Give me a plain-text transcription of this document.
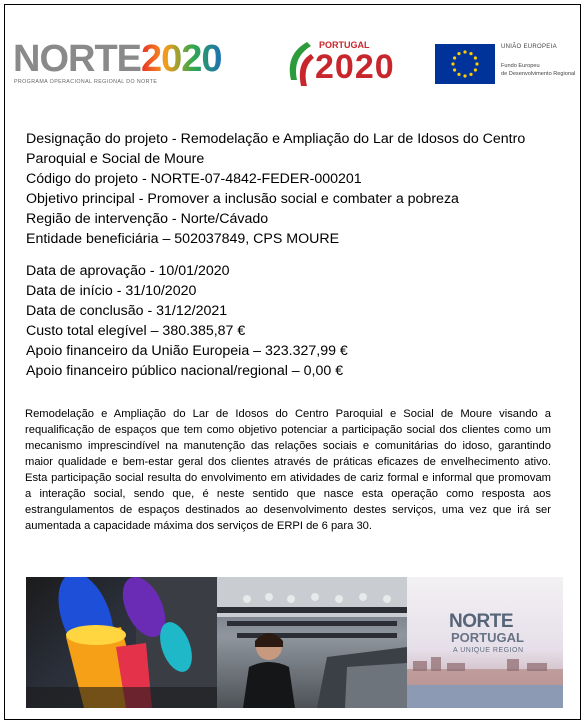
NORTE2020
PROGRAMA OPERACIONAL REGIONAL DO NORTE
PORTUGAL
2020
UNIÃO EUROPEIA
Fundo Europeu
de Desenvolvimento Regional
Designação do projeto - Remodelação e Ampliação do Lar de Idosos do Centro Paroquial e Social de Moure
Código do projeto - NORTE-07-4842-FEDER-000201
Objetivo principal - Promover a inclusão social e combater a pobreza
Região de intervenção - Norte/Cávado
Entidade beneficiária – 502037849, CPS MOURE
Data de aprovação - 10/01/2020
Data de início - 31/10/2020
Data de conclusão - 31/12/2021
Custo total elegível – 380.385,87 €
Apoio financeiro da União Europeia – 323.327,99 €
Apoio financeiro público nacional/regional – 0,00 €
Remodelação e Ampliação do Lar de Idosos do Centro Paroquial e Social de Moure visando a requalificação de espaços que tem como objetivo potenciar a participação social dos clientes como um mecanismo imprescindível na manutenção das relações sociais e comunitárias do idoso, garantindo maior qualidade e bem-estar geral dos clientes através de práticas eficazes de envelhecimento ativo. Esta participação social resulta do envolvimento em atividades de cariz formal e informal que promovam a interação social, sendo que, é neste sentido que nasce esta operação como resposta aos estrangulamentos de espaços destinados ao desenvolvimento destes serviços, uma vez que irá ser aumentada a capacidade máxima dos serviços de ERPI de 6 para 30.
NORTE
PORTUGAL
A UNIQUE REGION
